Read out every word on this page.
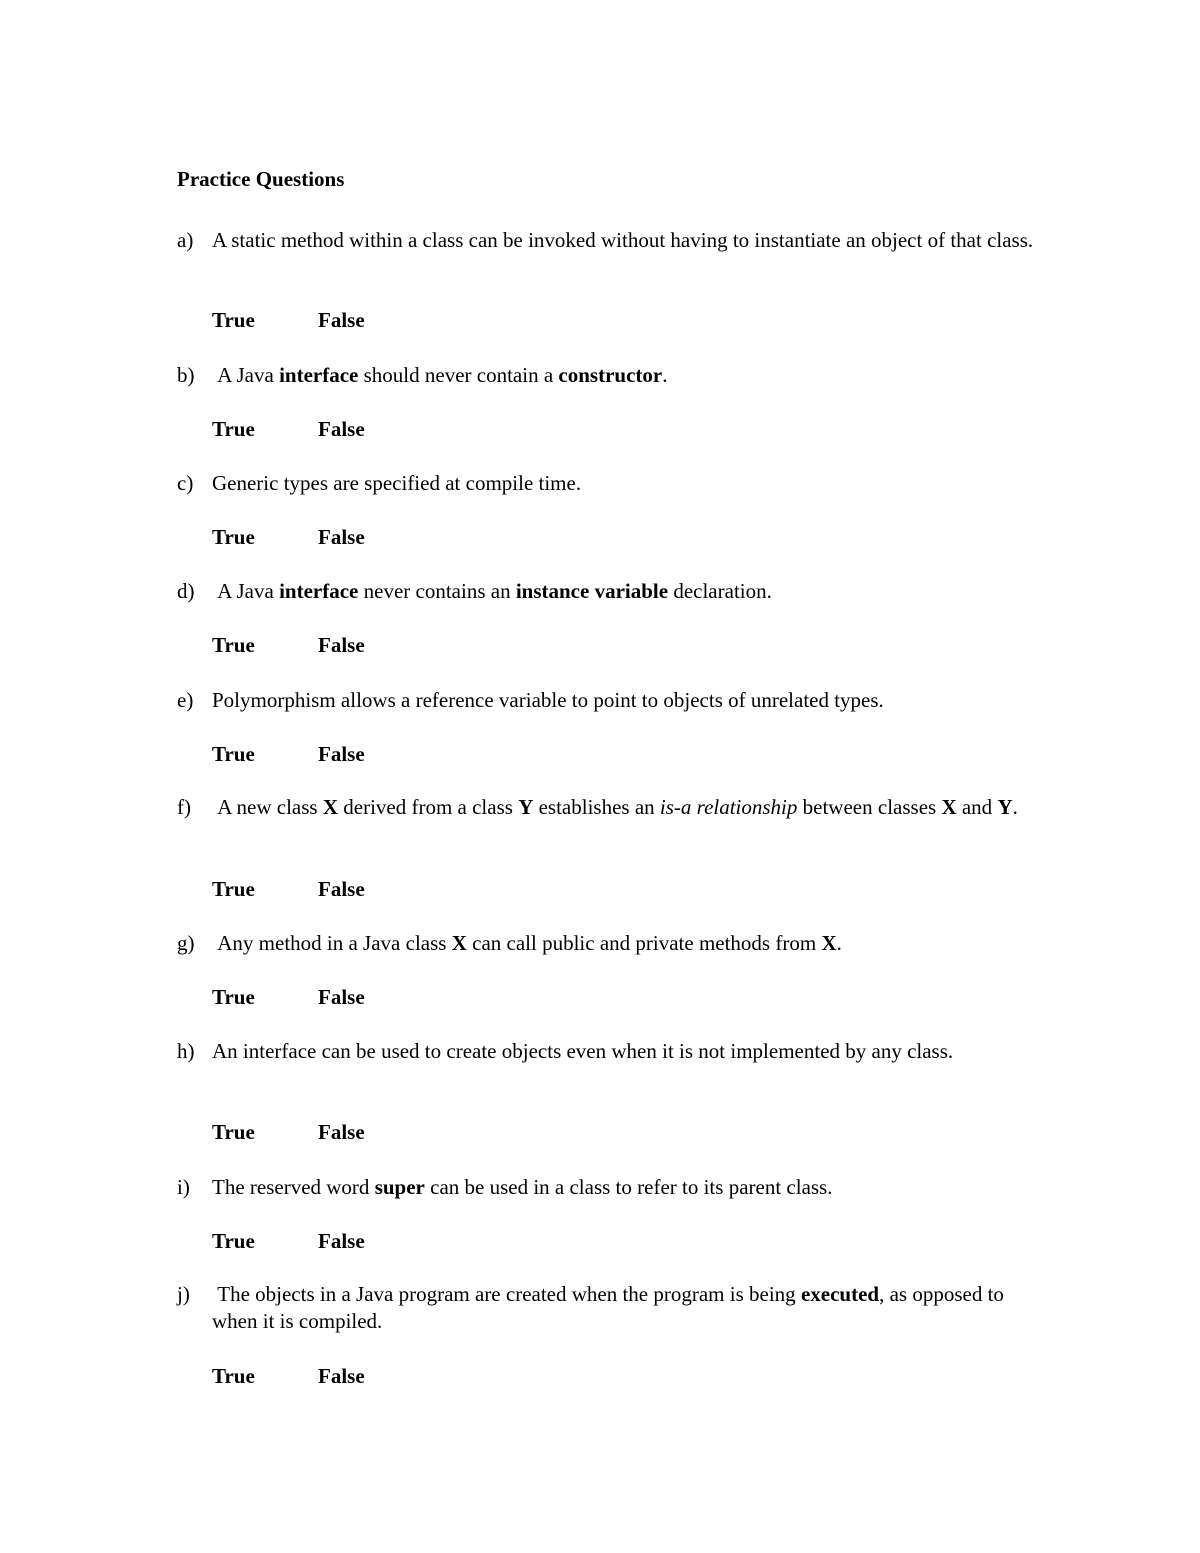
Practice Questions
a) A static method within a class can be invoked without having to instantiate an object of that class.
True	False
b) A Java interface should never contain a constructor.
True	False
c) Generic types are specified at compile time.
True	False
d) A Java interface never contains an instance variable declaration.
True	False
e) Polymorphism allows a reference variable to point to objects of unrelated types.
True	False
f) A new class X derived from a class Y establishes an is-a relationship between classes X and Y.
True	False
g) Any method in a Java class X can call public and private methods from X.
True	False
h) An interface can be used to create objects even when it is not implemented by any class.
True	False
i) The reserved word super can be used in a class to refer to its parent class.
True	False
j) The objects in a Java program are created when the program is being executed, as opposed to when it is compiled.
True	False
